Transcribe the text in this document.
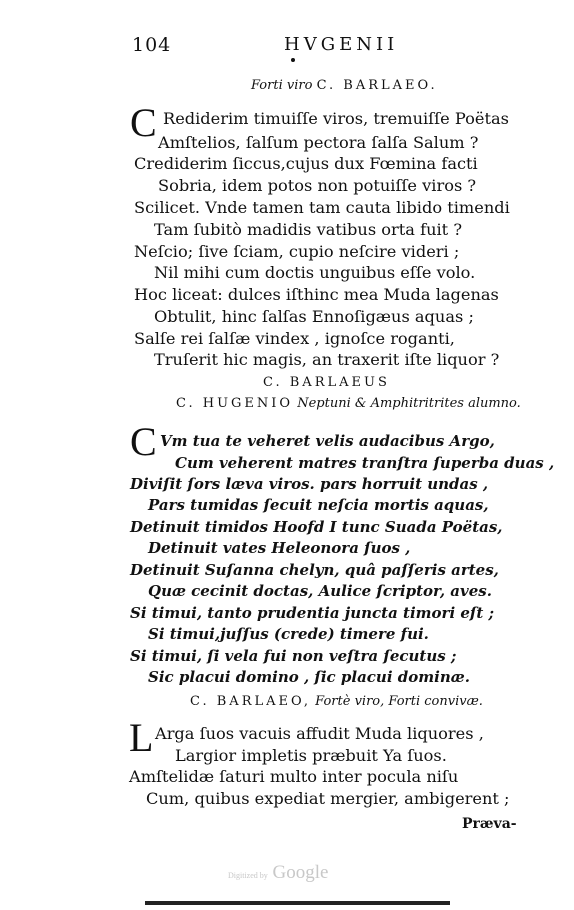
104	HVGENII
Forti viro C. BARLAEO.
C Rediderim timuiſſe viros, tremuiſſe Poëtas
Amſtelios, ſalſum pectora ſalſa Salum ?
Crediderim ſiccus,cujus dux Fœmina facti
Sobria, idem potos non potuiſſe viros ?
Scilicet. Vnde tamen tam cauta libido timendi
Tam ſubitò madidis vatibus orta fuit ?
Neſcio; ſive ſciam, cupio neſcire videri ;
Nil mihi cum doctis unguibus eſſe volo.
Hoc liceat: dulces iſthinc mea Muda lagenas
Obtulit, hinc ſalſas Ennoſigæus aquas ;
Salſe rei ſalſæ vindex , ignoſce roganti,
Truſerit hic magis, an traxerit iſte liquor ?
C. BARLAEUS
C. HUGENIO Neptuni & Amphitritrites alumno.
C Vm tua te veheret velis audacibus Argo,
Cum veherent matres tranſtra ſuperba duas ,
Diviſit ſors læva viros. pars horruit undas ,
Pars tumidas ſecuit neſcia mortis aquas,
Detinuit timidos Hoofd I tunc Suada Poëtas,
Detinuit vates Heleonora ſuos ,
Detinuit Suſanna chelyn, quâ paſſeris artes,
Quæ cecinit doctas, Aulice ſcriptor, aves.
Si timui, tanto prudentia juncta timori eſt ;
Si timui,juſſus (crede) timere fui.
Si timui, ſi vela fui non veſtra ſecutus ;
Sic placui domino , ſic placui dominæ.
C. BARLAEO, Fortè viro, Forti convivæ.
L Arga ſuos vacuis affudit Muda liquores ,
Largior impletis præbuit Ya ſuos.
Amſtelidæ ſaturi multo inter pocula niſu
Cum, quibus expediat mergier, ambigerent ;
Præva-
Digitized by Google
